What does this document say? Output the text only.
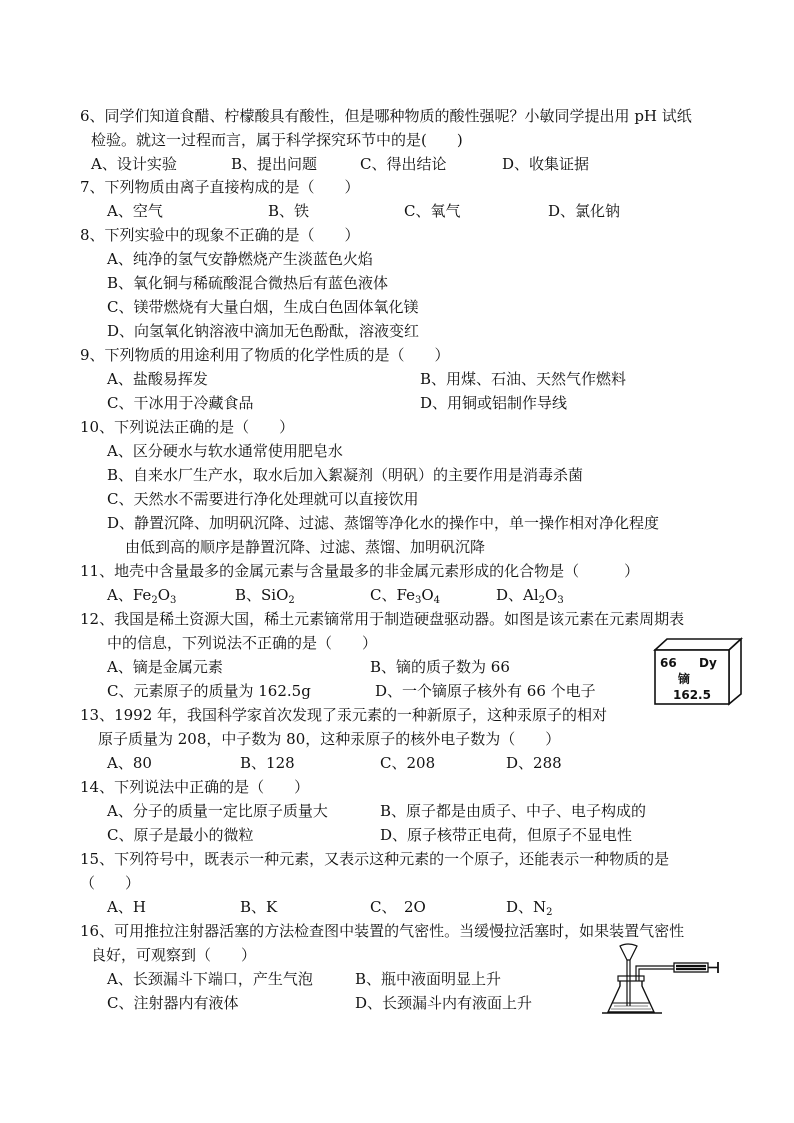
6、同学们知道食醋、柠檬酸具有酸性，但是哪种物质的酸性强呢？小敏同学提出用 pH 试纸
检验。就这一过程而言，属于科学探究环节中的是(　　)
A、设计实验	B、提出问题	C、得出结论	D、收集证据
7、下列物质由离子直接构成的是（　　）
A、空气	B、铁	C、氧气	D、氯化钠
8、下列实验中的现象不正确的是（　　）
A、纯净的氢气安静燃烧产生淡蓝色火焰
B、氧化铜与稀硫酸混合微热后有蓝色液体
C、镁带燃烧有大量白烟，生成白色固体氧化镁
D、向氢氧化钠溶液中滴加无色酚酞，溶液变红
9、下列物质的用途利用了物质的化学性质的是（　　）
A、盐酸易挥发	B、用煤、石油、天然气作燃料
C、干冰用于冷藏食品	D、用铜或铝制作导线
10、下列说法正确的是（　　）
A、区分硬水与软水通常使用肥皂水
B、自来水厂生产水，取水后加入絮凝剂（明矾）的主要作用是消毒杀菌
C、天然水不需要进行净化处理就可以直接饮用
D、静置沉降、加明矾沉降、过滤、蒸馏等净化水的操作中，单一操作相对净化程度
由低到高的顺序是静置沉降、过滤、蒸馏、加明矾沉降
11、地壳中含量最多的金属元素与含量最多的非金属元素形成的化合物是（　　　）
A、$Fe_2O_3$	B、SiO$_2$	C、$Fe_3O_4$	D、$Al_2O_3$
12、我国是稀土资源大国，稀土元素镝常用于制造硬盘驱动器。如图是该元素在元素周期表
中的信息，下列说法不正确的是（　　）
A、镝是金属元素	B、镝的质子数为 66
C、元素原子的质量为 162.5g	D、一个镝原子核外有 66 个电子
66 Dy
镝
162.5
13、1992 年，我国科学家首次发现了汞元素的一种新原子，这种汞原子的相对
原子质量为 208，中子数为 80，这种汞原子的核外电子数为（　　）
A、80	B、128	C、208	D、288
14、下列说法中正确的是（　　）
A、分子的质量一定比原子质量大	B、原子都是由质子、中子、电子构成的
C、原子是最小的微粒	D、原子核带正电荷，但原子不显电性
15、下列符号中，既表示一种元素，又表示这种元素的一个原子，还能表示一种物质的是
（　　）
A、H	B、K	C、　2O	D、$N_2$
16、可用推拉注射器活塞的方法检查图中装置的气密性。当缓慢拉活塞时，如果装置气密性
良好，可观察到（　　）
A、长颈漏斗下端口，产生气泡	B、瓶中液面明显上升
C、注射器内有液体	D、长颈漏斗内有液面上升
